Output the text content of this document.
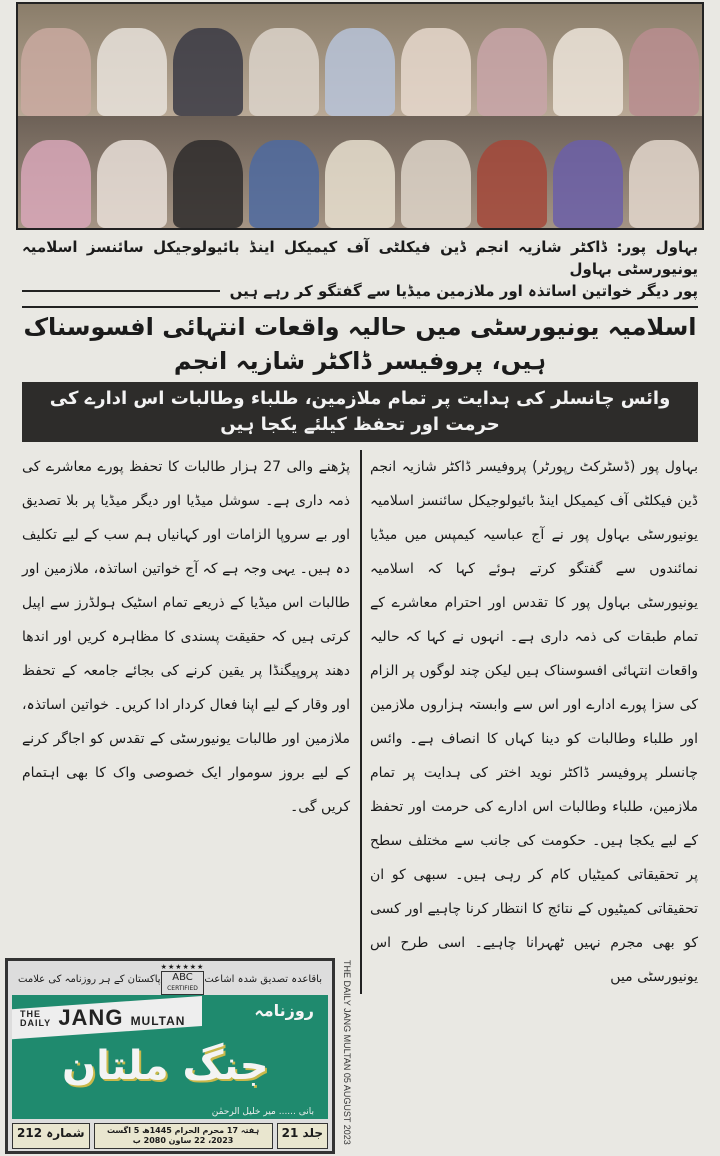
بہاول پور: ڈاکٹر شازیہ انجم ڈین فیکلٹی آف کیمیکل اینڈ بائیولوجیکل سائنسز اسلامیہ یونیورسٹی بہاول
پور دیگر خواتین اساتذہ اور ملازمین میڈیا سے گفتگو کر رہے ہیں
اسلامیہ یونیورسٹی میں حالیہ واقعات انتہائی افسوسناک ہیں، پروفیسر ڈاکٹر شازیہ انجم
وائس چانسلر کی ہدایت پر تمام ملازمین، طلباء وطالبات اس ادارے کی حرمت اور تحفظ کیلئے یکجا ہیں
بہاول پور (ڈسٹرکٹ رپورٹر) پروفیسر ڈاکٹرشازیہ انجم ڈین فیکلٹی آف کیمیکل اینڈ بائیولوجیکلسائنسز اسلامیہ یونیورسٹی بہاول پور نے آجعباسیہ کیمپس میں میڈیا نمائندوں سے گفتگو کرتےہوئے کہا کہ اسلامیہ یونیورسٹی بہاول پور کا تقدساور احترام معاشرے کے تمام طبقات کی ذمہداری ہے۔ انہوں نے کہا کہ حالیہ واقعات انتہائیافسوسناک ہیں لیکن چند لوگوں پر الزام کی سزاپورے ادارے اور اس سے وابستہ ہزاروںملازمین اور طلباء وطالبات کو دینا کہاں کا انصافہے۔ وائس چانسلر پروفیسر ڈاکٹر نوید اختر کیہدایت پر تمام ملازمین، طلباء وطالبات اسادارے کی حرمت اور تحفظ کے لیے یکجا ہیں۔حکومت کی جانب سے مختلف سطح پر تحقیقاتی کمیٹیاںکام کر رہی ہیں۔ سبھی کو ان تحقیقاتی کمیٹیوں کےنتائج کا انتظار کرنا چاہیے اور کسی کو بھی مجرم نہیںٹھہرانا چاہیے۔ اسی طرح اس یونیورسٹی میں
پڑھنے والی 27 ہزار طالبات کا تحفظ پورےمعاشرے کی ذمہ داری ہے۔ سوشل میڈیا اور دیگرمیڈیا پر بلا تصدیق اور بے سروپا الزامات اورکہانیاں ہم سب کے لیے تکلیف دہ ہیں۔ یہی وجہہے کہ آج خواتین اساتذہ، ملازمین اور طالباتاس میڈیا کے ذریعے تمام اسٹیک ہولڈرز سےاپیل کرتی ہیں کہ حقیقت پسندی کا مظاہرہ کریںاور اندھا دھند پروپیگنڈا پر یقین کرنے کی بجائےجامعہ کے تحفظ اور وقار کے لیے اپنا فعال کردار اداکریں۔ خواتین اساتذہ، ملازمین اور طالباتیونیورسٹی کے تقدس کو اجاگر کرنے کے لیے بروزسوموار ایک خصوصی واک کا بھی اہتمام کریں گی۔
باقاعدہ تصدیق شدہ اشاعت
★★★★★★
ABC
CERTIFIED
پاکستان کے ہر روزنامہ کی علامت
THE
DAILY JANG MULTAN
روزنامہ
جنگ ملتان
بانی ...... میر خلیل الرحمٰن
جلد 21
ہفتہ 17 محرم الحرام 1445ھ 5 اگست 2023، 22 ساون 2080 ب
شمارہ 212	THE DAILY JANG MULTAN 05 AUGUST 2023
